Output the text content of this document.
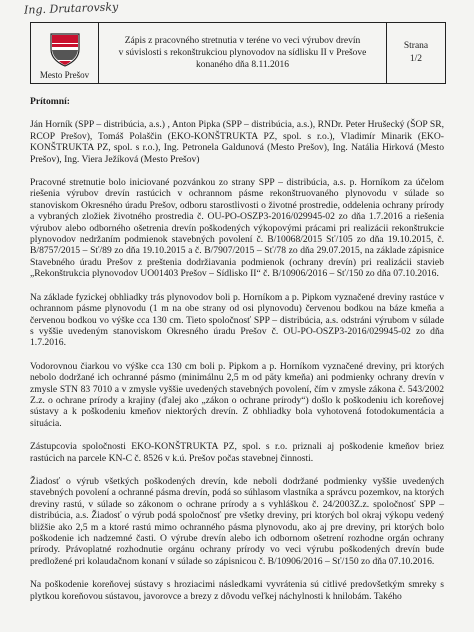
Ing. Drutarovsky
Mesto Prešov
Zápis z pracovného stretnutia v teréne vo veci výrubov drevín
v súvislosti s rekonštrukciou plynovodov na sídlisku II v Prešove
konaného dňa 8.11.2016
Strana
1/2

Prítomní:

Ján Horník (SPP – distribúcia, a.s.) , Anton Pipka (SPP – distribúcia, a.s.), RNDr. Peter Hrušecký (ŠOP SR, RCOP Prešov), Tomáš Polaščin (EKO-KONŠTRUKTA PZ, spol. s r.o.), Vladimír Minarik (EKO-KONŠTRUKTA PZ, spol. s r.o.), Ing. Petronela Galdunová (Mesto Prešov), Ing. Natália Hirková (Mesto Prešov), Ing. Viera Ježíková (Mesto Prešov)

Pracovné stretnutie bolo iniciované pozvánkou zo strany SPP – distribúcia, a.s. p. Horníkom za účelom riešenia výrubov drevín rastúcich v ochrannom pásme rekonštruovaného plynovodu v súlade so stanoviskom Okresného úradu Prešov, odboru starostlivosti o životné prostredie, oddelenia ochrany prírody a vybraných zložiek životného prostredia č. OU-PO-OSZP3-2016/029945-02 zo dňa 1.7.2016 a riešenia výrubov alebo odborného ošetrenia drevín poškodených výkopovými prácami pri realizácii rekonštrukcie plynovodov nedržaním podmienok stavebných povolení č. B/10068/2015 Sť/105 zo dňa 19.10.2015, č. B/8757/2015 – Sť/89 zo dňa 19.10.2015 a č. B/7907/2015 – Sť/78 zo dňa 29.07.2015, na základe zápisnice Stavebného úradu Prešov z preštenia dodržiavania podmienok (ochrany drevín) pri realizácii stavieb „Rekonštrukcia plynovodov UO01403 Prešov – Sídlisko II“ č. B/10906/2016 – Sť/150 zo dňa 07.10.2016.

Na základe fyzickej obhliadky trás plynovodov boli p. Horníkom a p. Pipkom vyznačené dreviny rastúce v ochrannom pásme plynovodu (1 m na obe strany od osi plynovodu) červenou bodkou na báze kmeňa a červenou bodkou vo výške cca 130 cm. Tieto spoločnosť SPP – distribúcia, a.s. odstráni výrubom v súlade s vyššie uvedeným stanoviskom Okresného úradu Prešov č. OU-PO-OSZP3-2016/029945-02 zo dňa 1.7.2016.

Vodorovnou čiarkou vo výške cca 130 cm boli p. Pipkom a p. Horníkom vyznačené dreviny, pri ktorých nebolo dodržané ich ochranné pásmo (minimálnu 2,5 m od päty kmeňa) ani podmienky ochrany drevín v zmysle STN 83 7010 a v zmysle vyššie uvedených stavebných povolení, čím v zmysle zákona č. 543/2002 Z.z. o ochrane prírody a krajiny (ďalej ako „zákon o ochrane prírody“) došlo k poškodeniu ich koreňovej sústavy a k poškodeniu kmeňov niektorých drevín. Z obhliadky bola vyhotovená fotodokumentácia a situácia.

Zástupcovia spoločnosti EKO-KONŠTRUKTA PZ, spol. s r.o. priznali aj poškodenie kmeňov briez rastúcich na parcele KN-C č. 8526 v k.ú. Prešov počas stavebnej činnosti.

Žiadosť o výrub všetkých poškodených drevín, kde neboli dodržané podmienky vyššie uvedených stavebných povolení a ochranné pásma drevín, podá so súhlasom vlastníka a správcu pozemkov, na ktorých dreviny rastú, v súlade so zákonom o ochrane prírody a s vyhláškou č. 24/2003Z.z. spoločnosť SPP – distribúcia, a.s. Žiadosť o výrub podá spoločnosť pre všetky dreviny, pri ktorých bol okraj výkopu vedený bližšie ako 2,5 m a ktoré rastú mimo ochranného pásma plynovodu, ako aj pre dreviny, pri ktorých bolo poškodenie ich nadzemné časti. O výrube drevín alebo ich odbornom ošetrení rozhodne orgán ochrany prírody. Právoplatné rozhodnutie orgánu ochrany prírody vo veci výrubu poškodených drevín bude predložené pri kolaudačnom konaní v súlade so zápisnicou č. B/10906/2016 – Sť/150 zo dňa 07.10.2016.

Na poškodenie koreňovej sústavy s hroziacimi následkami vyvrátenia sú citlivé predovšetkým smreky s plytkou koreňovou sústavou, javorovce a brezy z dôvodu veľkej náchylnosti k hnilobám. Takého
